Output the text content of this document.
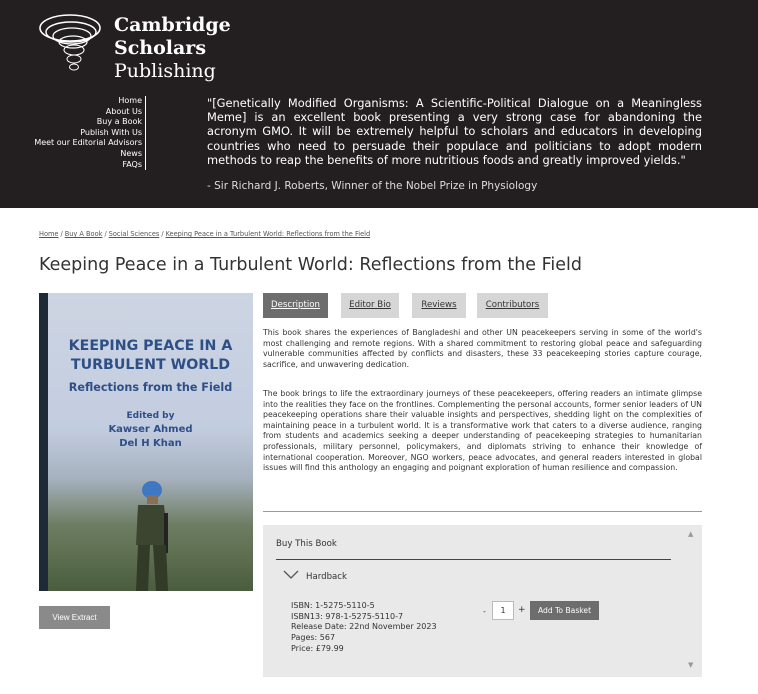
Cambridge
Scholars
Publishing
Home
About Us
Buy a Book
Publish With Us
Meet our Editorial Advisors
News
FAQs
"[Genetically Modified Organisms: A Scientific-Political Dialogue on a Meaningless Meme] is an excellent book presenting a very strong case for abandoning the acronym GMO. It will be extremely helpful to scholars and educators in developing countries who need to persuade their populace and politicians to adopt modern methods to reap the benefits of more nutritious foods and greatly improved yields."
- Sir Richard J. Roberts, Winner of the Nobel Prize in Physiology
Home / Buy A Book / Social Sciences / Keeping Peace in a Turbulent World: Reflections from the Field
Keeping Peace in a Turbulent World: Reflections from the Field
KEEPING PEACE IN A
TURBULENT WORLD
Reflections from the Field
Edited by
Kawser Ahmed
Del H Khan
View Extract
Description	Editor Bio	Reviews	Contributors

This book shares the experiences of Bangladeshi and other UN peacekeepers serving in some of the world's most challenging and remote regions. With a shared commitment to restoring global peace and safeguarding vulnerable communities affected by conflicts and disasters, these 33 peacekeeping stories capture courage, sacrifice, and unwavering dedication.

The book brings to life the extraordinary journeys of these peacekeepers, offering readers an intimate glimpse into the realities they face on the frontlines. Complementing the personal accounts, former senior leaders of UN peacekeeping operations share their valuable insights and perspectives, shedding light on the complexities of maintaining peace in a turbulent world. It is a transformative work that caters to a diverse audience, ranging from students and academics seeking a deeper understanding of peacekeeping strategies to humanitarian professionals, military personnel, policymakers, and diplomats striving to enhance their knowledge of international cooperation. Moreover, NGO workers, peace advocates, and general readers interested in global issues will find this anthology an engaging and poignant exploration of human resilience and compassion.

Buy This Book
▲
▼
Hardback
ISBN: 1-5275-5110-5
ISBN13: 978-1-5275-5110-7
Release Date: 22nd November 2023
Pages: 567
Price: £79.99
-	1	+	Add To Basket
